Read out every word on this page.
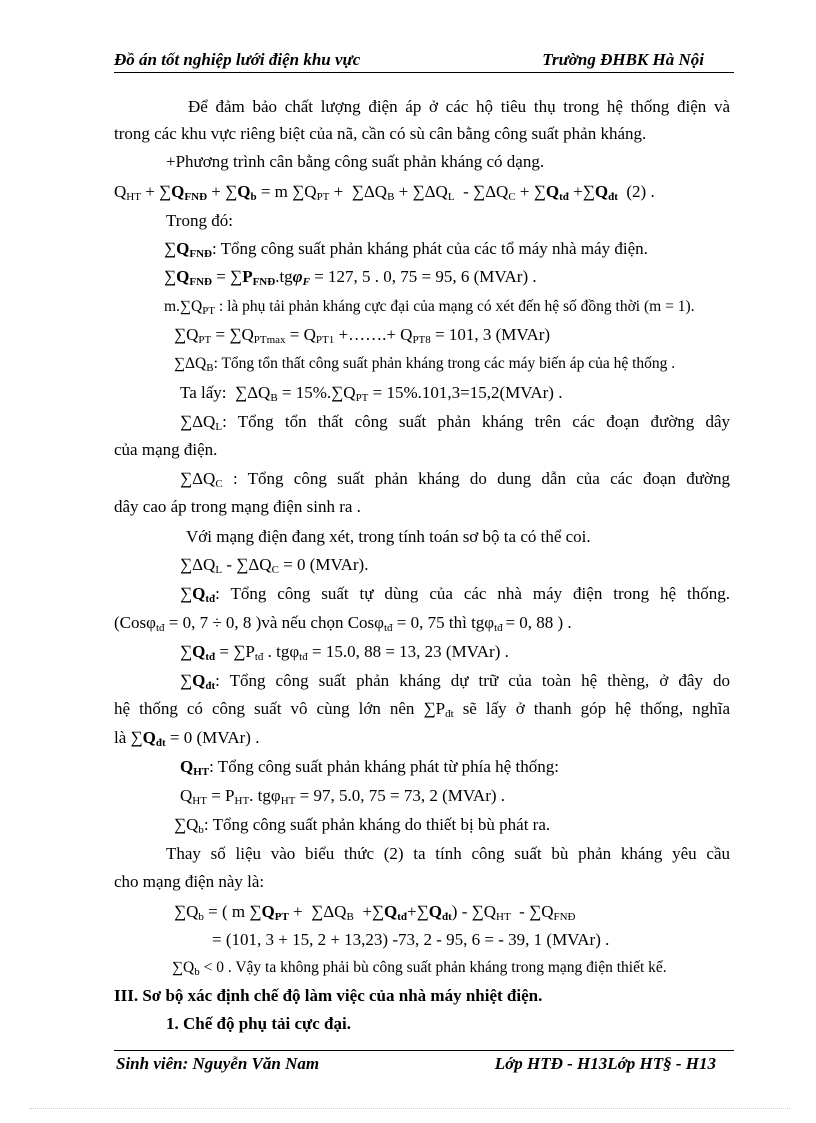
Đồ án tốt nghiệp lưới điện khu vực	Trường ĐHBK Hà Nội
Để đảm bảo chất lượng điện áp ở các hộ tiêu thụ trong hệ thống điện và
trong các khu vực riêng biệt của nã, cần có sù cân bằng công suất phản kháng.
+Phương trình cân bằng công suất phản kháng có dạng.
$Q_{HT} + \sum Q_{FNĐ} + \sum Q_b = m$ $\sum Q_{PT} + \sum\Delta Q_B + \sum\Delta Q_L - \sum\Delta Q_C + \sum Q_{tđ} +\sum Q_{đt}$ (2) .
Trong đó:
$\sum Q_{FNĐ}$: Tổng công suất phản kháng phát của các tổ máy nhà máy điện.
$\sum Q_{FNĐ} = \sum P_{FNĐ}.tg\varphi_F = 127$, 5 . 0, 75 = 95, 6 (MVAr) .
$m.\sum Q_{PT}$ : là phụ tải phản kháng cực đại của mạng có xét đến hệ số đồng thời (m = 1).
$\sum Q_{PT} = \sum Q_{PTmax} = Q_{PT1}$ +…….+ $Q_{PT8} = 101$, 3 (MVAr)
$\sum\Delta Q_B$: Tổng tổn thất công suất phản kháng trong các máy biến áp của hệ thống .
Ta lấy:  $\sum\Delta Q_B = 15\%.\sum Q_{PT}$ = 15%.101,3=15,2(MVAr) .
$\sum\Delta Q_L$: Tổng tổn thất công suất phản kháng trên các đoạn đường dây
của mạng điện.
$\sum\Delta Q_C$ : Tổng công suất phản kháng do dung dẫn của các đoạn đường
dây cao áp trong mạng điện sinh ra .
Với mạng điện đang xét, trong tính toán sơ bộ ta có thể coi.
$\sum\Delta Q_L - \sum\Delta Q_C = 0$ (MVAr).
$\sum Q_{tđ}$: Tổng công suất tự dùng của các nhà máy điện trong hệ thống.
(Cosφ$_{tđ}$ = 0, 7 ÷ 0, 8 )và nếu chọn Cosφ$_{tđ}$ = 0, 75 thì tgφ$_{tđ}$ = 0, 88 ) .
$\sum Q_{tđ} = \sum P_{tđ}$ . tgφ$_{tđ}$ = 15.0, 88 = 13, 23 (MVAr) .
$\sum Q_{đt}$: Tổng công suất phản kháng dự trữ của toàn hệ thèng, ở đây do
hệ thống có công suất vô cùng lớn nên $\sum P_{đt}$ sẽ lấy ở thanh góp hệ thống, nghĩa
là $\sum Q_{đt} = 0$ (MVAr) .
$Q_{HT}$: Tổng công suất phản kháng phát từ phía hệ thống:
$Q_{HT} = P_{HT}$. tgφ$_{HT}$ = 97, 5.0, 75 = 73, 2 (MVAr) .
$\sum Q_b$: Tổng công suất phản kháng do thiết bị bù phát ra.
Thay số liệu vào biểu thức (2) ta tính công suất bù phản kháng yêu cầu
cho mạng điện này là:
$\sum Q_b$ = ( m $\sum Q_{PT} + \sum\Delta Q_B +\sum Q_{tđ}+\sum Q_{đt}) - \sum Q_{HT} - \sum Q_{FNĐ}$
= (101, 3 + 15, 2 + 13,23) -73, 2 - 95, 6 = - 39, 1 (MVAr) .
$\sum Q_b < 0$ . Vậy ta không phải bù công suất phản kháng trong mạng điện thiết kế.
III. Sơ bộ xác định chế độ làm việc của nhà máy nhiệt điện.
1. Chế độ phụ tải cực đại.
Sinh viên: Nguyễn Văn Nam	Lớp HTĐ - H13Lớp HT§ - H13
